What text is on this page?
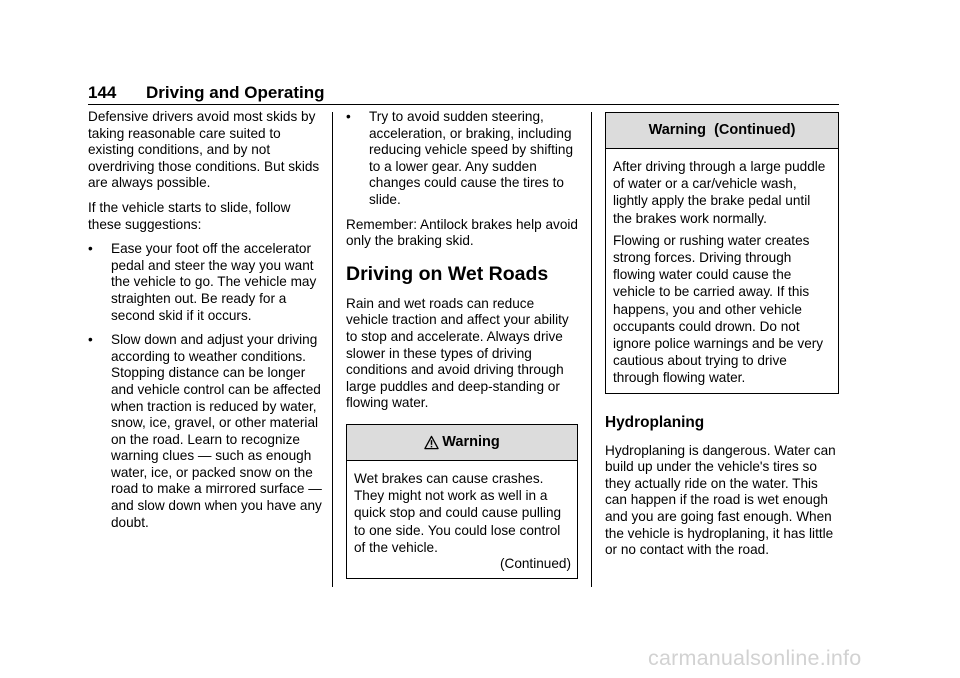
144 Driving and Operating

Defensive drivers avoid most skids by taking reasonable care suited to existing conditions, and by not overdriving those conditions. But skids are always possible.

If the vehicle starts to slide, follow these suggestions:

•	Ease your foot off the accelerator pedal and steer the way you want the vehicle to go. The vehicle may straighten out. Be ready for a second skid if it occurs.
•	Slow down and adjust your driving according to weather conditions. Stopping distance can be longer and vehicle control can be affected when traction is reduced by water, snow, ice, gravel, or other material on the road. Learn to recognize warning clues — such as enough water, ice, or packed snow on the road to make a mirrored surface — and slow down when you have any doubt.
•	Try to avoid sudden steering, acceleration, or braking, including reducing vehicle speed by shifting to a lower gear. Any sudden changes could cause the tires to slide.

Remember: Antilock brakes help avoid only the braking skid.

Driving on Wet Roads

Rain and wet roads can reduce vehicle traction and affect your ability to stop and accelerate. Always drive slower in these types of driving conditions and avoid driving through large puddles and deep-standing or flowing water.

Warning

Wet brakes can cause crashes. They might not work as well in a quick stop and could cause pulling to one side. You could lose control of the vehicle.

(Continued)
Warning  (Continued)

After driving through a large puddle of water or a car/vehicle wash, lightly apply the brake pedal until the brakes work normally.

Flowing or rushing water creates strong forces. Driving through flowing water could cause the vehicle to be carried away. If this happens, you and other vehicle occupants could drown. Do not ignore police warnings and be very cautious about trying to drive through flowing water.

Hydroplaning

Hydroplaning is dangerous. Water can build up under the vehicle's tires so they actually ride on the water. This can happen if the road is wet enough and you are going fast enough. When the vehicle is hydroplaning, it has little or no contact with the road.

carmanualsonline.info
